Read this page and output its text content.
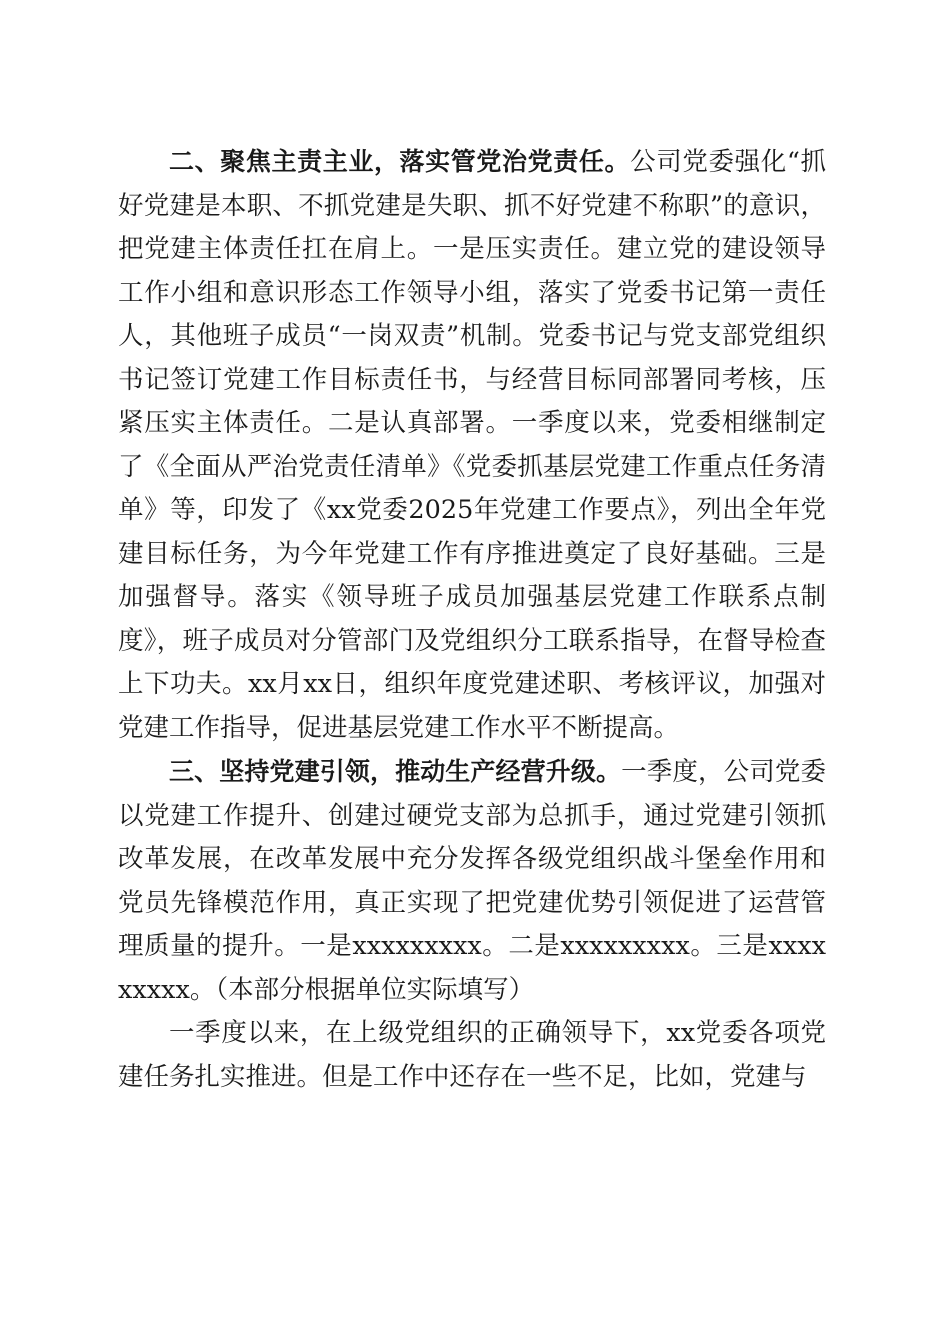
二、聚焦主责主业，落实管党治党责任。公司党委强化“抓好党建是本职、不抓党建是失职、抓不好党建不称职”的意识，把党建主体责任扛在肩上。一是压实责任。建立党的建设领导工作小组和意识形态工作领导小组，落实了党委书记第一责任人，其他班子成员“一岗双责”机制。党委书记与党支部党组织书记签订党建工作目标责任书，与经营目标同部署同考核，压紧压实主体责任。二是认真部署。一季度以来，党委相继制定了《全面从严治党责任清单》《党委抓基层党建工作重点任务清单》等，印发了《xx党委2025年党建工作要点》，列出全年党建目标任务，为今年党建工作有序推进奠定了良好基础。三是加强督导。落实《领导班子成员加强基层党建工作联系点制度》，班子成员对分管部门及党组织分工联系指导，在督导检查上下功夫。xx月xx日，组织年度党建述职、考核评议，加强对党建工作指导，促进基层党建工作水平不断提高。

三、坚持党建引领，推动生产经营升级。一季度，公司党委以党建工作提升、创建过硬党支部为总抓手，通过党建引领抓改革发展，在改革发展中充分发挥各级党组织战斗堡垒作用和党员先锋模范作用，真正实现了把党建优势引领促进了运营管理质量的提升。一是xxxxxxxxx。二是xxxxxxxxx。三是xxxxxxxxx。（本部分根据单位实际填写）

一季度以来，在上级党组织的正确领导下，xx党委各项党建任务扎实推进。但是工作中还存在一些不足，比如，党建与
